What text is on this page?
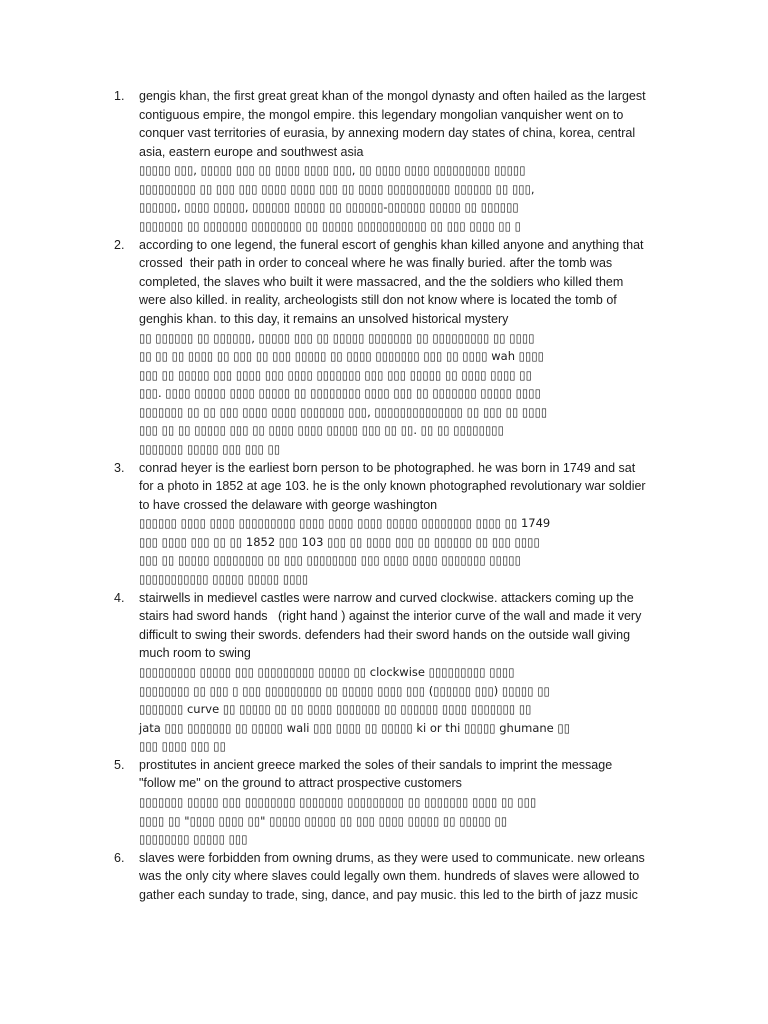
1. gengis khan, the first great great khan of the mongol dynasty and often hailed as the largest
contiguous empire, the mongol empire. this legendary mongolian vanquisher went on to
conquer vast territories of eurasia, by annexing modern day states of china, korea, central
asia, eastern europe and southwest asia
▯▯▯▯▯ ▯▯▯, ▯▯▯▯▯ ▯▯▯ ▯▯ ▯▯▯▯ ▯▯▯▯ ▯▯▯, ▯▯ ▯▯▯▯ ▯▯▯▯ ▯▯▯▯▯▯▯▯▯ ▯▯▯▯▯
▯▯▯▯▯▯▯▯▯ ▯▯ ▯▯▯ ▯▯▯ ▯▯▯▯ ▯▯▯▯ ▯▯▯ ▯▯ ▯▯▯▯ ▯▯▯▯▯▯▯▯▯▯ ▯▯▯▯▯▯ ▯▯ ▯▯▯,
▯▯▯▯▯▯, ▯▯▯▯ ▯▯▯▯▯, ▯▯▯▯▯▯ ▯▯▯▯▯ ▯▯ ▯▯▯▯▯▯-▯▯▯▯▯▯ ▯▯▯▯▯ ▯▯ ▯▯▯▯▯▯
▯▯▯▯▯▯▯ ▯▯ ▯▯▯▯▯▯▯ ▯▯▯▯▯▯▯▯ ▯▯ ▯▯▯▯▯ ▯▯▯▯▯▯▯▯▯▯▯ ▯▯ ▯▯▯ ▯▯▯▯ ▯▯ ▯
2. according to one legend, the funeral escort of genghis khan killed anyone and anything that
crossed  their path in order to conceal where he was finally buried. after the tomb was
completed, the slaves who built it were massacred, and the the soldiers who killed them
were also killed. in reality, archeologists still don not know where is located the tomb of
genghis khan. to this day, it remains an unsolved historical mystery
▯▯ ▯▯▯▯▯▯ ▯▯ ▯▯▯▯▯▯, ▯▯▯▯▯ ▯▯▯ ▯▯ ▯▯▯▯▯ ▯▯▯▯▯▯▯ ▯▯ ▯▯▯▯▯▯▯▯▯ ▯▯ ▯▯▯▯
▯▯ ▯▯ ▯▯ ▯▯▯▯ ▯▯ ▯▯▯ ▯▯ ▯▯▯ ▯▯▯▯▯ ▯▯ ▯▯▯▯ ▯▯▯▯▯▯▯ ▯▯▯ ▯▯ ▯▯▯▯ wah ▯▯▯▯
▯▯▯ ▯▯ ▯▯▯▯▯ ▯▯▯ ▯▯▯▯ ▯▯▯ ▯▯▯▯ ▯▯▯▯▯▯▯ ▯▯▯ ▯▯▯ ▯▯▯▯▯ ▯▯ ▯▯▯▯ ▯▯▯▯ ▯▯
▯▯▯. ▯▯▯▯ ▯▯▯▯▯ ▯▯▯▯ ▯▯▯▯▯ ▯▯ ▯▯▯▯▯▯▯▯ ▯▯▯▯ ▯▯▯ ▯▯ ▯▯▯▯▯▯▯ ▯▯▯▯▯ ▯▯▯▯
▯▯▯▯▯▯▯ ▯▯ ▯▯ ▯▯▯ ▯▯▯▯ ▯▯▯▯ ▯▯▯▯▯▯▯ ▯▯▯, ▯▯▯▯▯▯▯▯▯▯▯▯▯▯ ▯▯ ▯▯▯ ▯▯ ▯▯▯▯
▯▯▯ ▯▯ ▯▯ ▯▯▯▯▯ ▯▯▯ ▯▯ ▯▯▯▯ ▯▯▯▯ ▯▯▯▯▯ ▯▯▯ ▯▯ ▯▯. ▯▯ ▯▯ ▯▯▯▯▯▯▯▯
▯▯▯▯▯▯▯ ▯▯▯▯▯ ▯▯▯ ▯▯▯ ▯▯
3. conrad heyer is the earliest born person to be photographed. he was born in 1749 and sat
for a photo in 1852 at age 103. he is the only known photographed revolutionary war soldier
to have crossed the delaware with george washington
▯▯▯▯▯▯ ▯▯▯▯ ▯▯▯▯ ▯▯▯▯▯▯▯▯▯ ▯▯▯▯ ▯▯▯▯ ▯▯▯▯ ▯▯▯▯▯ ▯▯▯▯▯▯▯▯ ▯▯▯▯ ▯▯ 1749
▯▯▯ ▯▯▯▯ ▯▯▯ ▯▯ ▯▯ 1852 ▯▯▯ 103 ▯▯▯ ▯▯ ▯▯▯▯ ▯▯▯ ▯▯ ▯▯▯▯▯▯ ▯▯ ▯▯▯ ▯▯▯▯
▯▯▯ ▯▯ ▯▯▯▯▯ ▯▯▯▯▯▯▯▯ ▯▯ ▯▯▯ ▯▯▯▯▯▯▯▯ ▯▯▯ ▯▯▯▯ ▯▯▯▯ ▯▯▯▯▯▯▯ ▯▯▯▯▯
▯▯▯▯▯▯▯▯▯▯▯ ▯▯▯▯▯ ▯▯▯▯▯ ▯▯▯▯
4. stairwells in medievel castles were narrow and curved clockwise. attackers coming up the
stairs had sword hands   (right hand ) against the interior curve of the wall and made it very
difficult to swing their swords. defenders had their sword hands on the outside wall giving
much room to swing
▯▯▯▯▯▯▯▯▯ ▯▯▯▯▯ ▯▯▯ ▯▯▯▯▯▯▯▯▯ ▯▯▯▯▯ ▯▯ clockwise ▯▯▯▯▯▯▯▯▯ ▯▯▯▯
▯▯▯▯▯▯▯▯ ▯▯ ▯▯▯ ▯ ▯▯▯ ▯▯▯▯▯▯▯▯▯ ▯▯ ▯▯▯▯▯ ▯▯▯▯ ▯▯▯ (▯▯▯▯▯▯ ▯▯▯) ▯▯▯▯▯ ▯▯
▯▯▯▯▯▯▯ curve ▯▯ ▯▯▯▯▯ ▯▯ ▯▯ ▯▯▯▯ ▯▯▯▯▯▯▯ ▯▯ ▯▯▯▯▯▯ ▯▯▯▯ ▯▯▯▯▯▯▯ ▯▯
jata ▯▯▯ ▯▯▯▯▯▯▯ ▯▯ ▯▯▯▯▯ wali ▯▯▯ ▯▯▯▯ ▯▯ ▯▯▯▯▯ ki or thi ▯▯▯▯▯ ghumane ▯▯
▯▯▯ ▯▯▯▯ ▯▯▯ ▯▯
5. prostitutes in ancient greece marked the soles of their sandals to imprint the message
"follow me" on the ground to attract prospective customers
▯▯▯▯▯▯▯ ▯▯▯▯▯ ▯▯▯ ▯▯▯▯▯▯▯▯ ▯▯▯▯▯▯▯ ▯▯▯▯▯▯▯▯▯ ▯▯ ▯▯▯▯▯▯▯ ▯▯▯▯ ▯▯ ▯▯▯
▯▯▯▯ ▯▯ "▯▯▯▯ ▯▯▯▯ ▯▯" ▯▯▯▯▯ ▯▯▯▯▯ ▯▯ ▯▯▯ ▯▯▯▯ ▯▯▯▯▯ ▯▯ ▯▯▯▯▯ ▯▯
▯▯▯▯▯▯▯▯ ▯▯▯▯▯ ▯▯▯
6. slaves were forbidden from owning drums, as they were used to communicate. new orleans
was the only city where slaves could legally own them. hundreds of slaves were allowed to
gather each sunday to trade, sing, dance, and pay music. this led to the birth of jazz music
